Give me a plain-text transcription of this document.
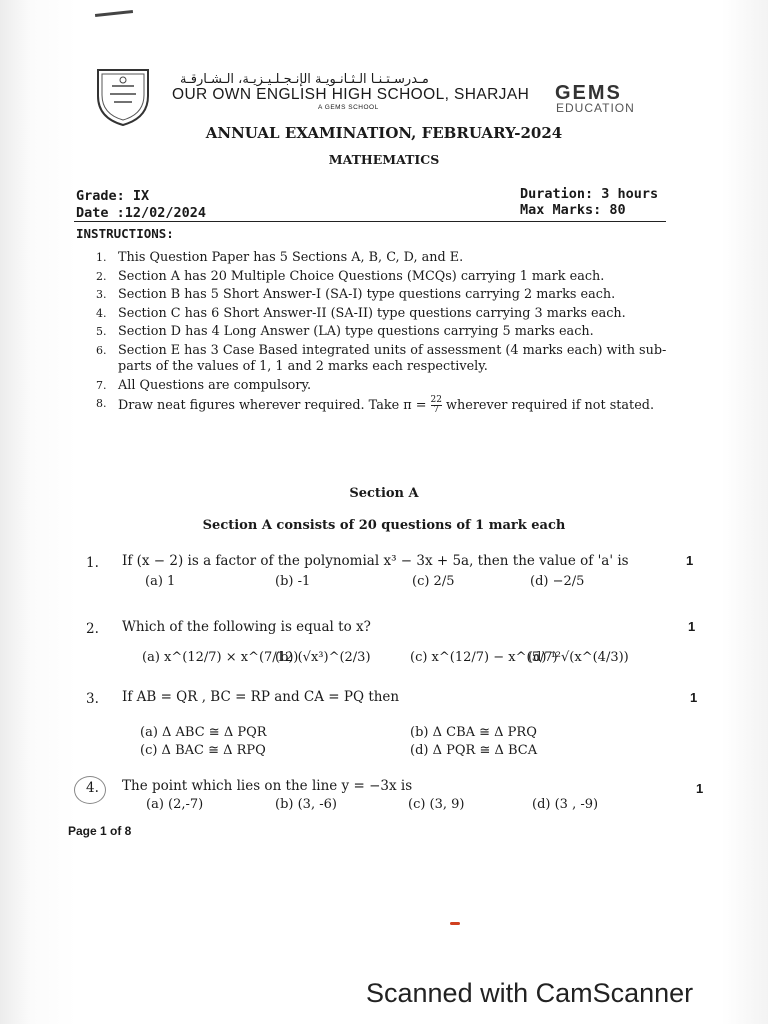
مـدرسـتـنـا الـثـانـويـة الإنـجـلـيـزيـة، الـشـارقـة
OUR OWN ENGLISH HIGH SCHOOL, SHARJAH
A GEMS SCHOOL
GEMS
EDUCATION
ANNUAL EXAMINATION, FEBRUARY-2024
MATHEMATICS
Grade: IX
Date :12/02/2024
Duration: 3 hours
Max Marks: 80
INSTRUCTIONS:
1. This Question Paper has 5 Sections A, B, C, D, and E.
2. Section A has 20 Multiple Choice Questions (MCQs) carrying 1 mark each.
3. Section B has 5 Short Answer-I (SA-I) type questions carrying 2 marks each.
4. Section C has 6 Short Answer-II (SA-II) type questions carrying 3 marks each.
5. Section D has 4 Long Answer (LA) type questions carrying 5 marks each.
6. Section E has 3 Case Based integrated units of assessment (4 marks each) with sub-parts of the values of 1, 1 and 2 marks each respectively.
7. All Questions are compulsory.
8. Draw neat figures wherever required. Take $\pi = \frac{22}{7}$ wherever required if not stated.
Section A
Section A consists of 20 questions of 1 mark each
1. If (x − 2) is a factor of the polynomial x³ − 3x + 5a, then the value of 'a' is	1
(a) 1	(b) -1	(c) 2/5	(d) −2/5
2. Which of the following is equal to x?	1
(a) x^(12/7) × x^(7/12)
(b) (√x³)^(2/3)	(c) x^(12/7) − x^(5/7)
(d) ¹²√(x^(4/3))
3. If AB = QR , BC = RP and CA = PQ then	1
(a) Δ ABC ≅ Δ PQR	(b) Δ CBA ≅ Δ PRQ
(c) Δ BAC ≅ Δ RPQ	(d) Δ PQR ≅ Δ BCA
4. The point which lies on the line y = −3x is	1
(a) (2,-7)	(b) (3, -6)	(c) (3, 9)	(d) (3 , -9)
Page 1 of 8
Scanned with CamScanner
